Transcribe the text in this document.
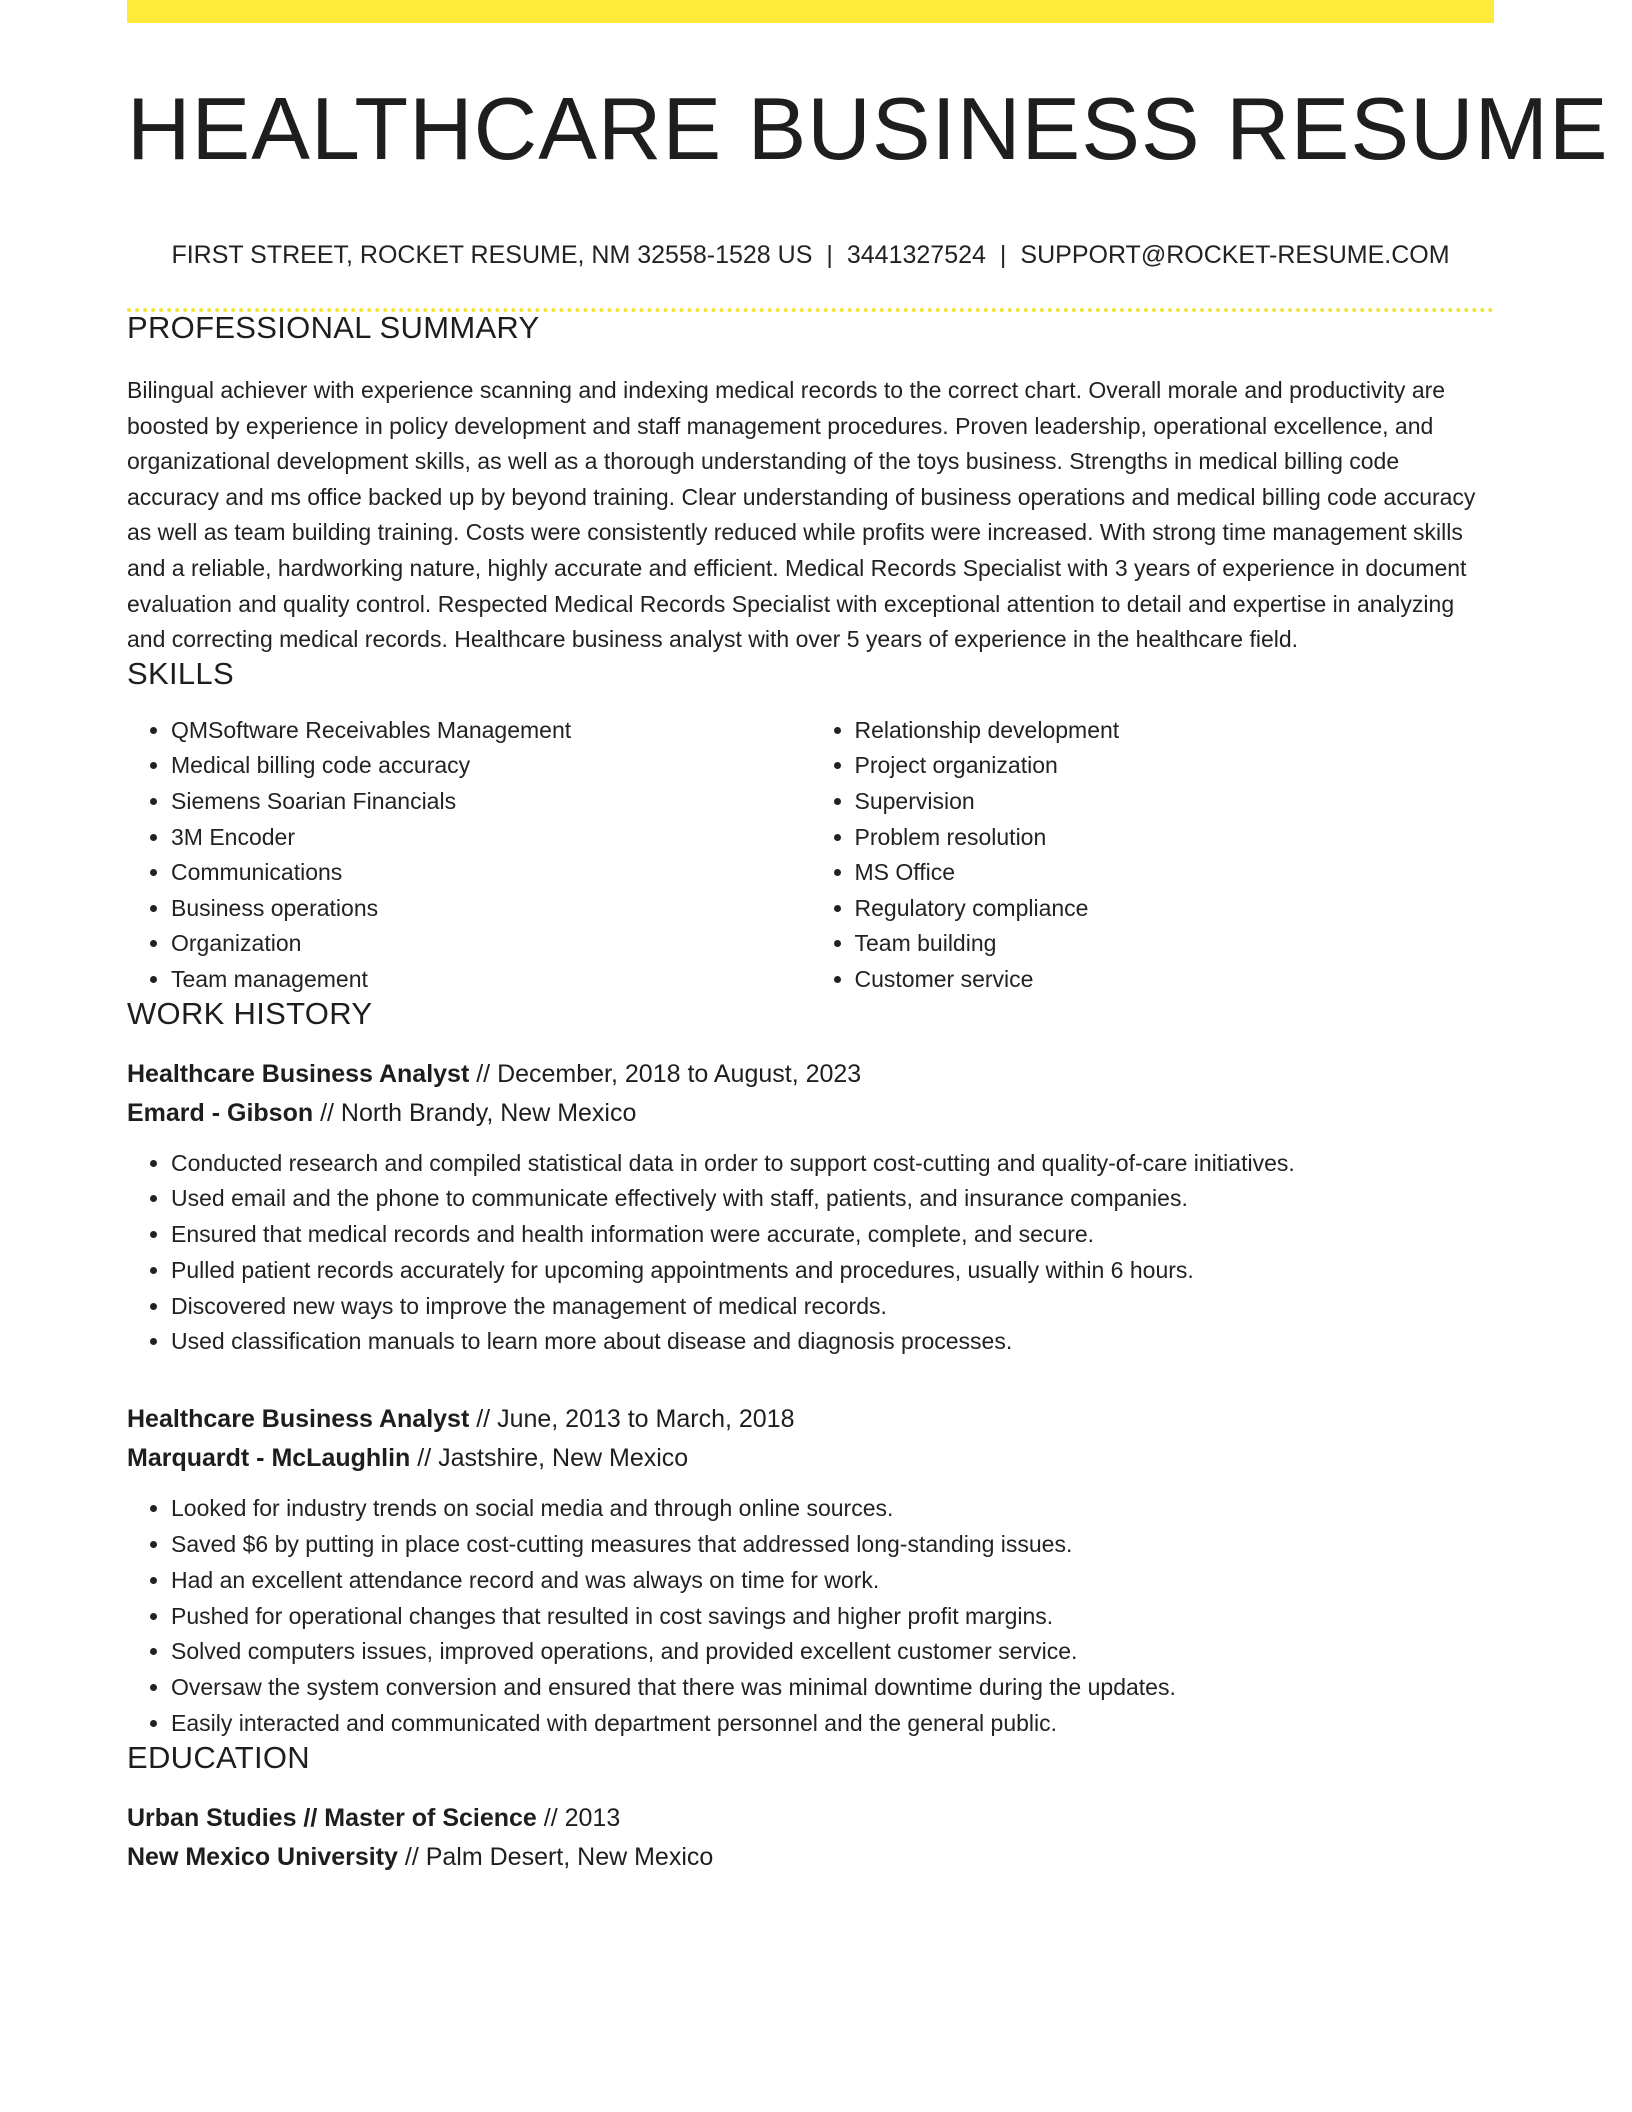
HEALTHCARE BUSINESS RESUME
FIRST STREET, ROCKET RESUME, NM 32558-1528 US | 3441327524 | SUPPORT@ROCKET-RESUME.COM
PROFESSIONAL SUMMARY
Bilingual achiever with experience scanning and indexing medical records to the correct chart. Overall morale and productivity are boosted by experience in policy development and staff management procedures. Proven leadership, operational excellence, and organizational development skills, as well as a thorough understanding of the toys business. Strengths in medical billing code accuracy and ms office backed up by beyond training. Clear understanding of business operations and medical billing code accuracy as well as team building training. Costs were consistently reduced while profits were increased. With strong time management skills and a reliable, hardworking nature, highly accurate and efficient. Medical Records Specialist with 3 years of experience in document evaluation and quality control. Respected Medical Records Specialist with exceptional attention to detail and expertise in analyzing and correcting medical records. Healthcare business analyst with over 5 years of experience in the healthcare field.
SKILLS
• QMSoftware Receivables Management
• Medical billing code accuracy
• Siemens Soarian Financials
• 3M Encoder
• Communications
• Business operations
• Organization
• Team management
• Relationship development
• Project organization
• Supervision
• Problem resolution
• MS Office
• Regulatory compliance
• Team building
• Customer service
WORK HISTORY
Healthcare Business Analyst // December, 2018 to August, 2023
Emard - Gibson // North Brandy, New Mexico
• Conducted research and compiled statistical data in order to support cost-cutting and quality-of-care initiatives.
• Used email and the phone to communicate effectively with staff, patients, and insurance companies.
• Ensured that medical records and health information were accurate, complete, and secure.
• Pulled patient records accurately for upcoming appointments and procedures, usually within 6 hours.
• Discovered new ways to improve the management of medical records.
• Used classification manuals to learn more about disease and diagnosis processes.
Healthcare Business Analyst // June, 2013 to March, 2018
Marquardt - McLaughlin // Jastshire, New Mexico
• Looked for industry trends on social media and through online sources.
• Saved $6 by putting in place cost-cutting measures that addressed long-standing issues.
• Had an excellent attendance record and was always on time for work.
• Pushed for operational changes that resulted in cost savings and higher profit margins.
• Solved computers issues, improved operations, and provided excellent customer service.
• Oversaw the system conversion and ensured that there was minimal downtime during the updates.
• Easily interacted and communicated with department personnel and the general public.
EDUCATION
Urban Studies // Master of Science // 2013
New Mexico University // Palm Desert, New Mexico
